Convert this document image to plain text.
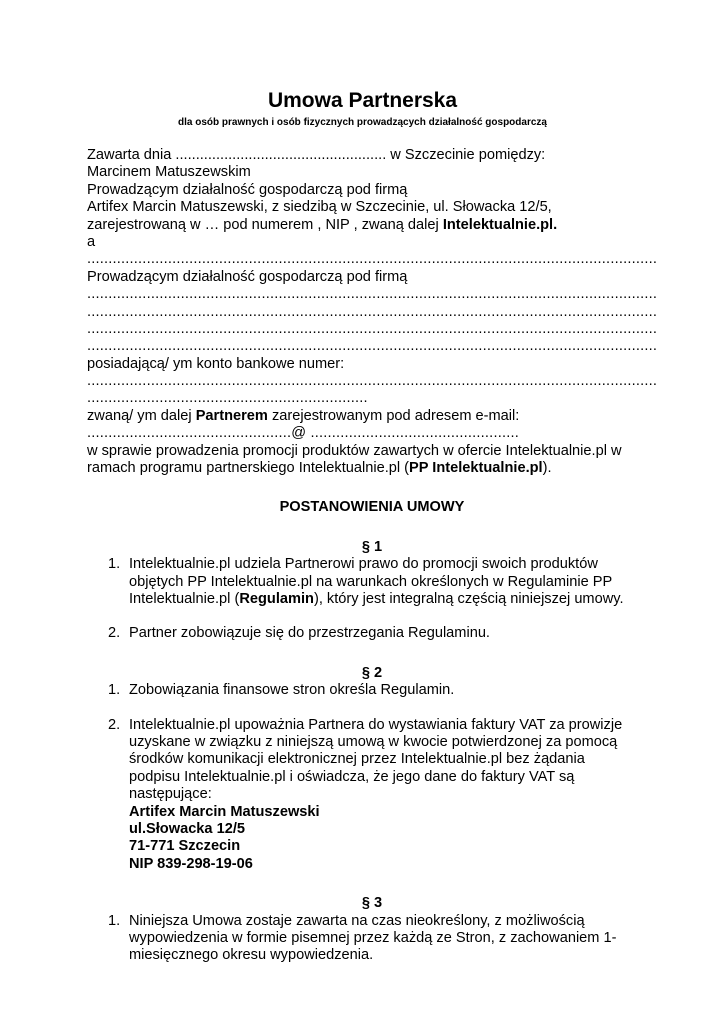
Umowa Partnerska
dla osób prawnych i osób fizycznych prowadzących działalność gospodarczą
Zawarta dnia .................................................... w Szczecinie pomiędzy:
Marcinem Matuszewskim
Prowadzącym działalność gospodarczą pod firmą
Artifex Marcin Matuszewski, z siedzibą w Szczecinie, ul. Słowacka 12/5,
zarejestrowaną w … pod numerem , NIP , zwaną dalej Intelektualnie.pl.
a
......................................................................................................................................
Prowadzącym działalność gospodarczą pod firmą
......................................................................................................................................
......................................................................................................................................
......................................................................................................................................
......................................................................................................................................
posiadającą/ ym konto bankowe numer:
......................................................................................................................................
..................................................................
zwaną/ ym dalej Partnerem zarejestrowanym pod adresem e-mail:
................................................@ .................................................
w sprawie prowadzenia promocji produktów zawartych w ofercie Intelektualnie.pl w
ramach programu partnerskiego Intelektualnie.pl (PP Intelektualnie.pl).
POSTANOWIENIA UMOWY
§ 1
1. Intelektualnie.pl udziela Partnerowi prawo do promocji swoich produktów
objętych PP Intelektualnie.pl na warunkach określonych w Regulaminie PP
Intelektualnie.pl (Regulamin), który jest integralną częścią niniejszej umowy.
2. Partner zobowiązuje się do przestrzegania Regulaminu.
§ 2
1. Zobowiązania finansowe stron określa Regulamin.
2. Intelektualnie.pl upoważnia Partnera do wystawiania faktury VAT za prowizje
uzyskane w związku z niniejszą umową w kwocie potwierdzonej za pomocą
środków komunikacji elektronicznej przez Intelektualnie.pl bez żądania
podpisu Intelektualnie.pl i oświadcza, że jego dane do faktury VAT są
następujące:
Artifex Marcin Matuszewski
ul.Słowacka 12/5
71-771 Szczecin
NIP 839-298-19-06
§ 3
1. Niniejsza Umowa zostaje zawarta na czas nieokreślony, z możliwością
wypowiedzenia w formie pisemnej przez każdą ze Stron, z zachowaniem 1-
miesięcznego okresu wypowiedzenia.
